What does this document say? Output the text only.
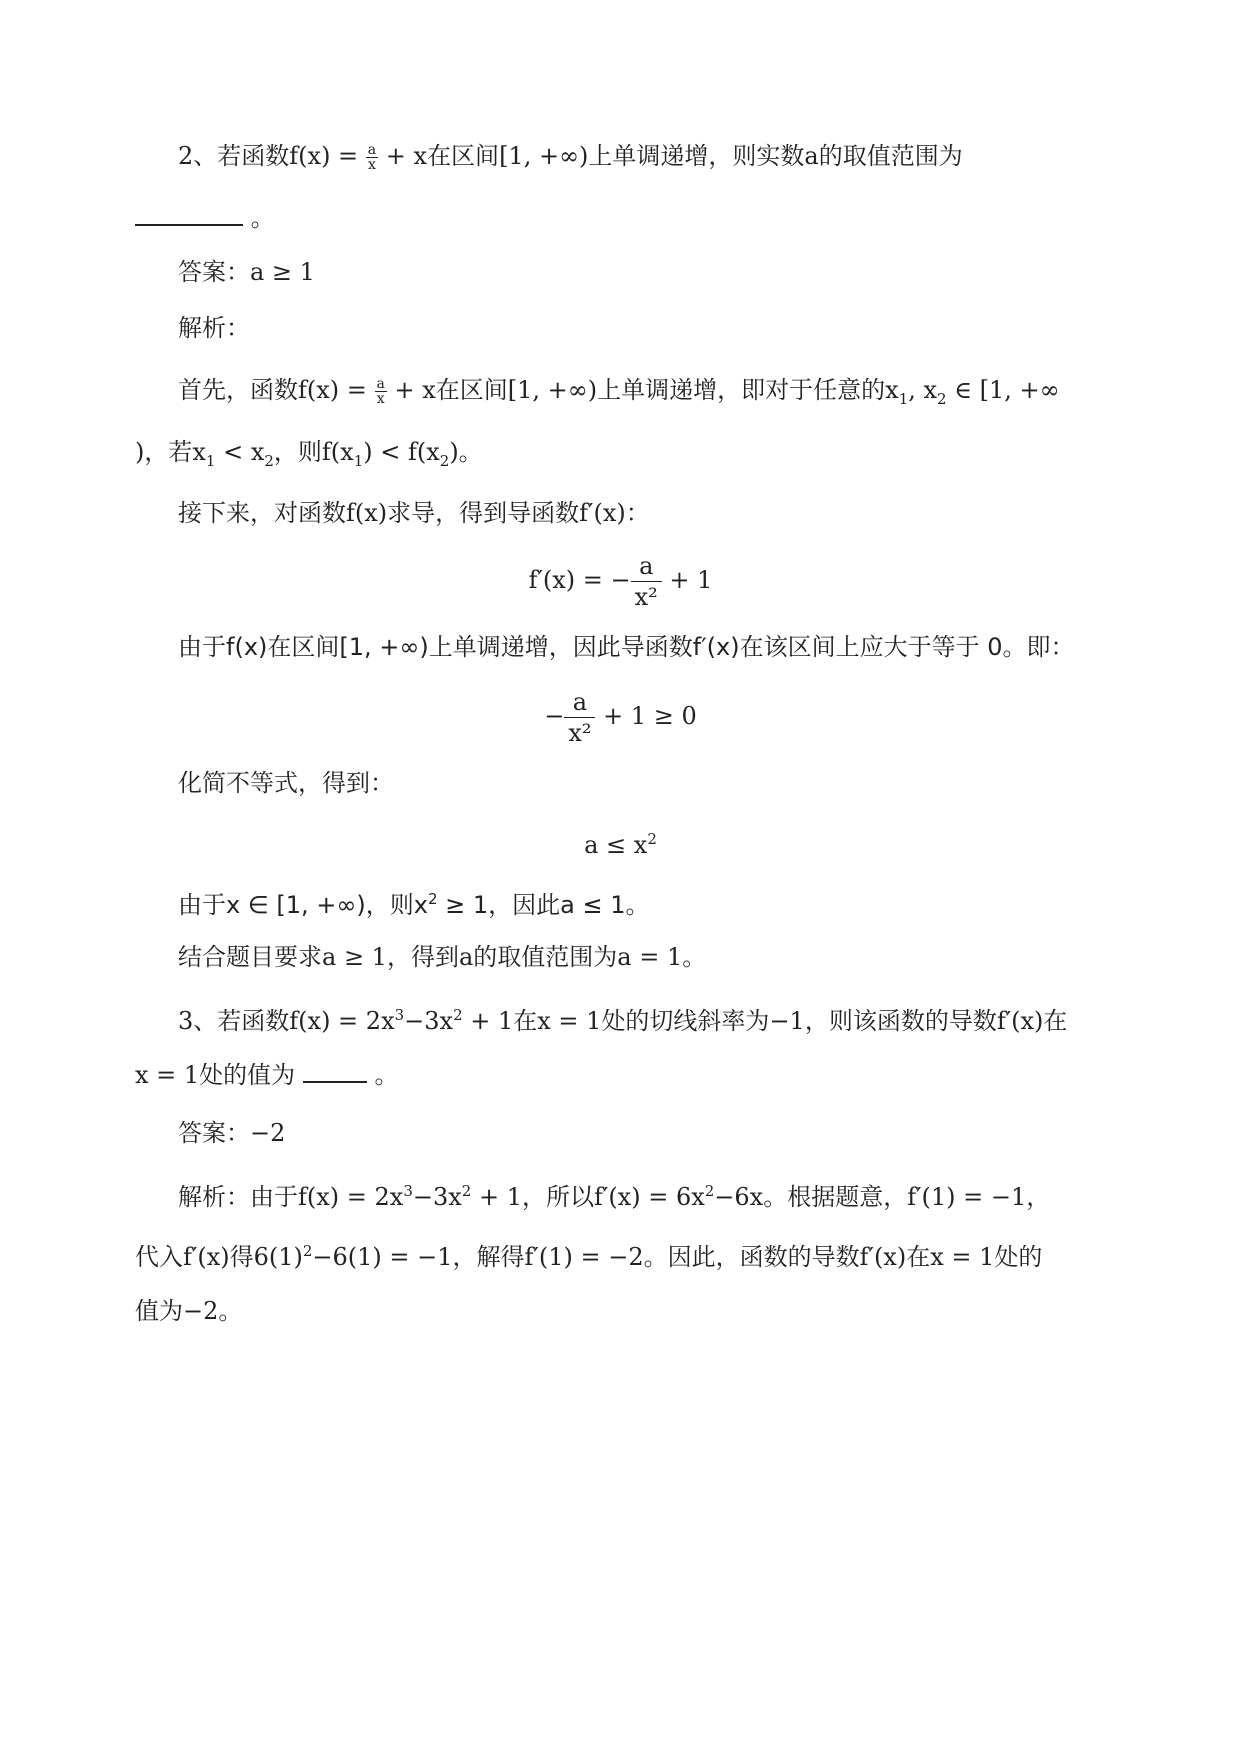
2、若函数$f(x) = \frac{a}{x} + x$在区间[1, +∞)上单调递增，则实数a的取值范围为
。
答案：a ≥ 1
解析：
首先，函数$f(x) = \frac{a}{x} + x$在区间[1, +∞)上单调递增，即对于任意的$x_1$, $x_2$ ∈ [1, +∞
)，若$x_1 < x_2$，则$f(x_1) < f(x_2)$。
接下来，对函数f(x)求导，得到导函数f′(x)：
f′(x) = − $\frac{a}{\text{x²}} + 1$
由于f(x)在区间[1, +∞)上单调递增，因此导函数f′(x)在该区间上应大于等于 0。即：
− $\frac{a}{\text{x²}} + 1 \ge 0$
化简不等式，得到：
$a \le x^2$
由于x ∈ [1, +∞)，则$x^2 \ge 1$，因此a ≤ 1。
结合题目要求a ≥ 1，得到a的取值范围为a = 1。
3、若函数$f(x) = 2x^3-3x^2 + 1$在x = 1处的切线斜率为−1，则该函数的导数f′(x)在
x = 1处的值为	。
答案：−2
解析：由于$f(x) = 2x^3-3x^2 + 1$，所以$f'(x) = 6x^2-6x$。根据题意，f′(1) = −1，
代入f′(x)得$6(1)^2-6(1) = -1$，解得f′(1) = −2。因此，函数的导数f′(x)在x = 1处的
值为−2。
